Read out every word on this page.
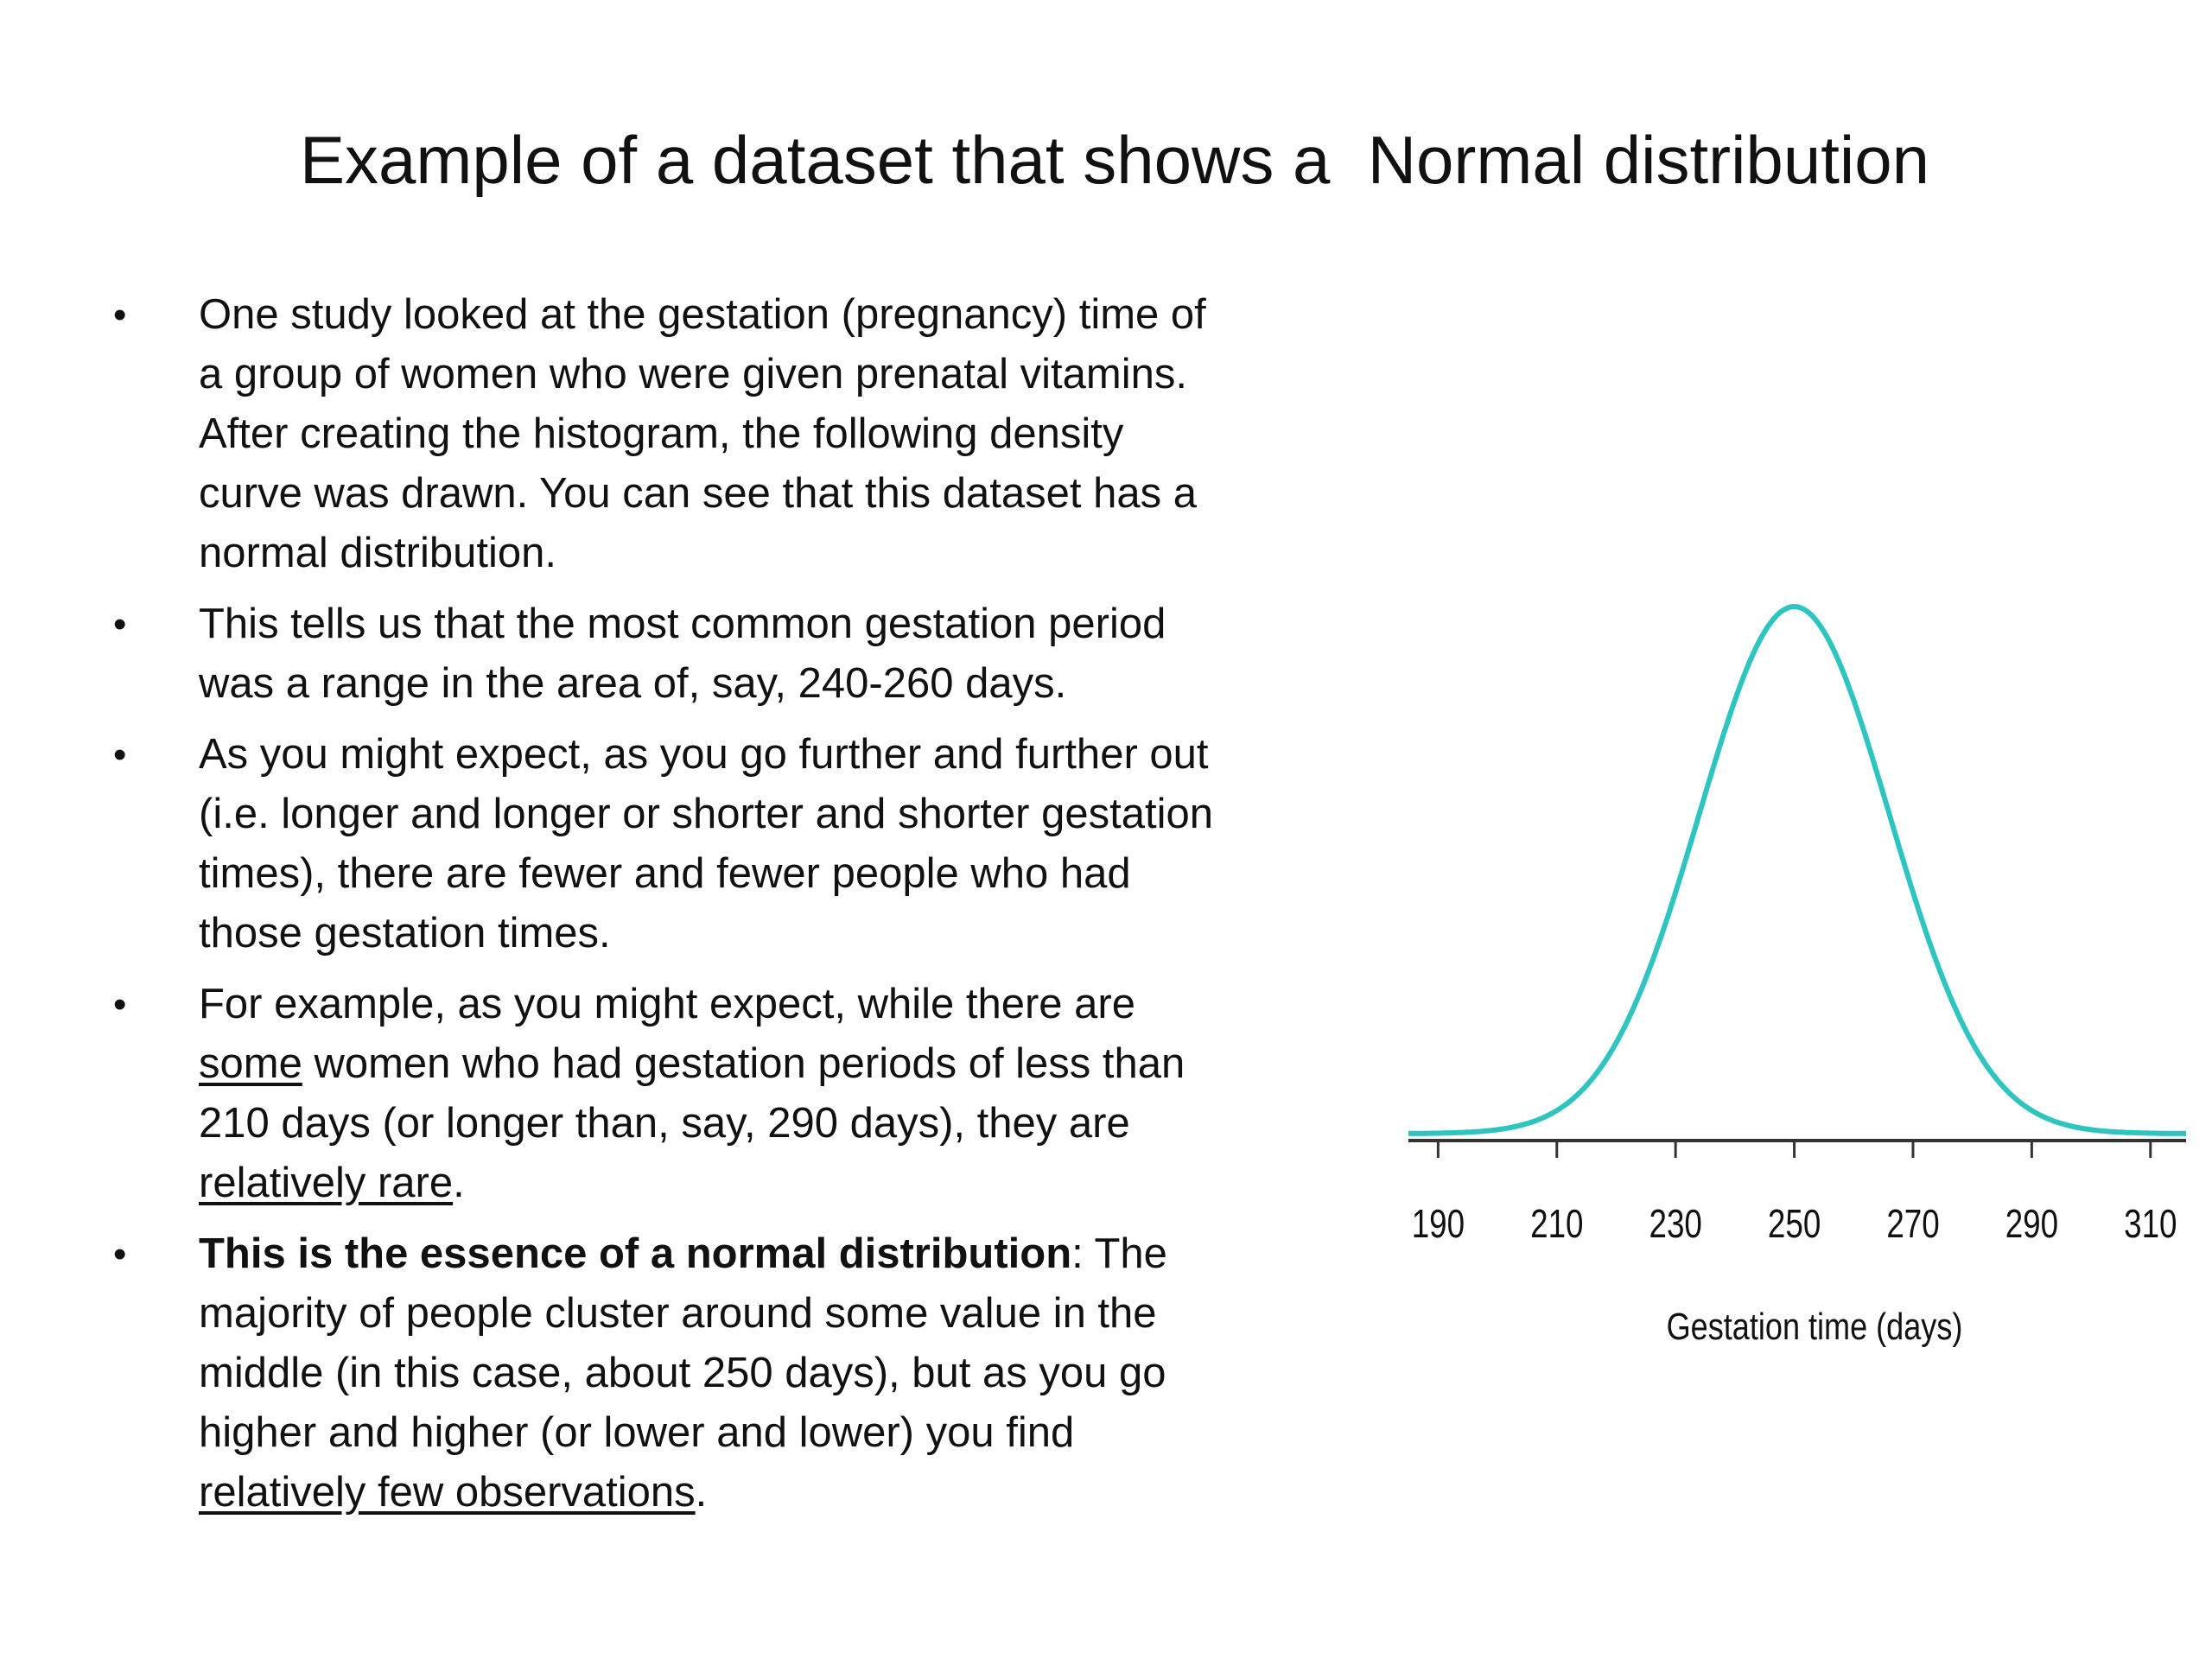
Example of a dataset that shows a  Normal distribution
• One study looked at the gestation (pregnancy) time of a group of women who were given prenatal vitamins. After creating the histogram, the following density curve was drawn. You can see that this dataset has a normal distribution.
• This tells us that the most common gestation period was a range in the area of, say, 240-260 days.
• As you might expect, as you go further and further out (i.e. longer and longer or shorter and shorter gestation times), there are fewer and fewer people who had those gestation times.
• For example, as you might expect, while there are some women who had gestation periods of less than 210 days (or longer than, say, 290 days), they are relatively rare.
• This is the essence of a normal distribution: The majority of people cluster around some value in the middle (in this case, about 250 days), but as you go higher and higher (or lower and lower) you find relatively few observations.
190 210 230 250 270 290 310
Gestation time (days)
